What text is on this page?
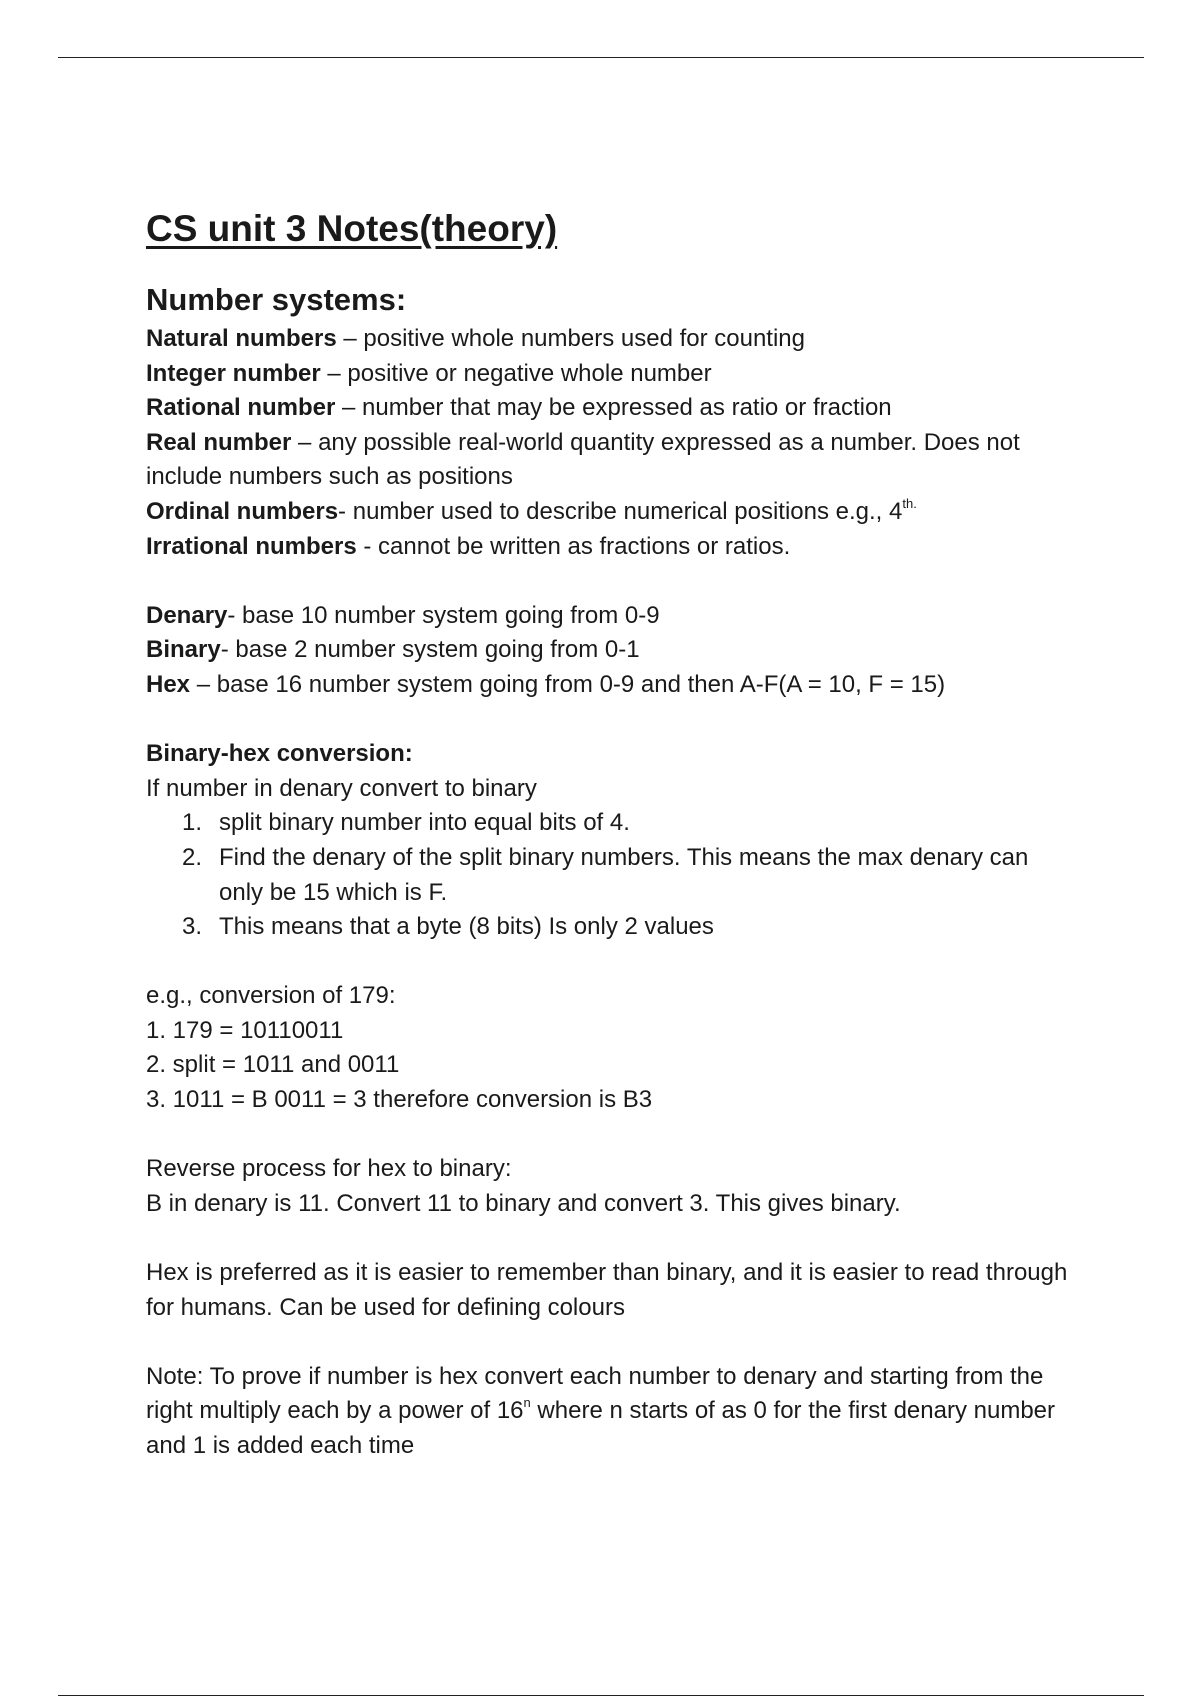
CS unit 3 Notes(theory)
Number systems:

Natural numbers – positive whole numbers used for counting

Integer number – positive or negative whole number

Rational number – number that may be expressed as ratio or fraction

Real number – any possible real-world quantity expressed as a number. Does not include numbers such as positions

Ordinal numbers- number used to describe numerical positions e.g., $4^{th.}$

Irrational numbers - cannot be written as fractions or ratios.

Denary- base 10 number system going from 0-9

Binary- base 2 number system going from 0-1

Hex – base 16 number system going from 0-9 and then A-F(A = 10, F = 15)

Binary-hex conversion:

If number in denary convert to binary

1. split binary number into equal bits of 4.
2. Find the denary of the split binary numbers. This means the max denary can only be 15 which is F.
3. This means that a byte (8 bits) Is only 2 values

e.g., conversion of 179:

1. 179 = 10110011

2. split = 1011 and 0011

3. 1011 = B 0011 = 3 therefore conversion is B3

Reverse process for hex to binary:

B in denary is 11. Convert 11 to binary and convert 3. This gives binary.

Hex is preferred as it is easier to remember than binary, and it is easier to read through for humans. Can be used for defining colours

Note: To prove if number is hex convert each number to denary and starting from the right multiply each by a power of 16$^n$ where n starts of as 0 for the first denary number and 1 is added each time
